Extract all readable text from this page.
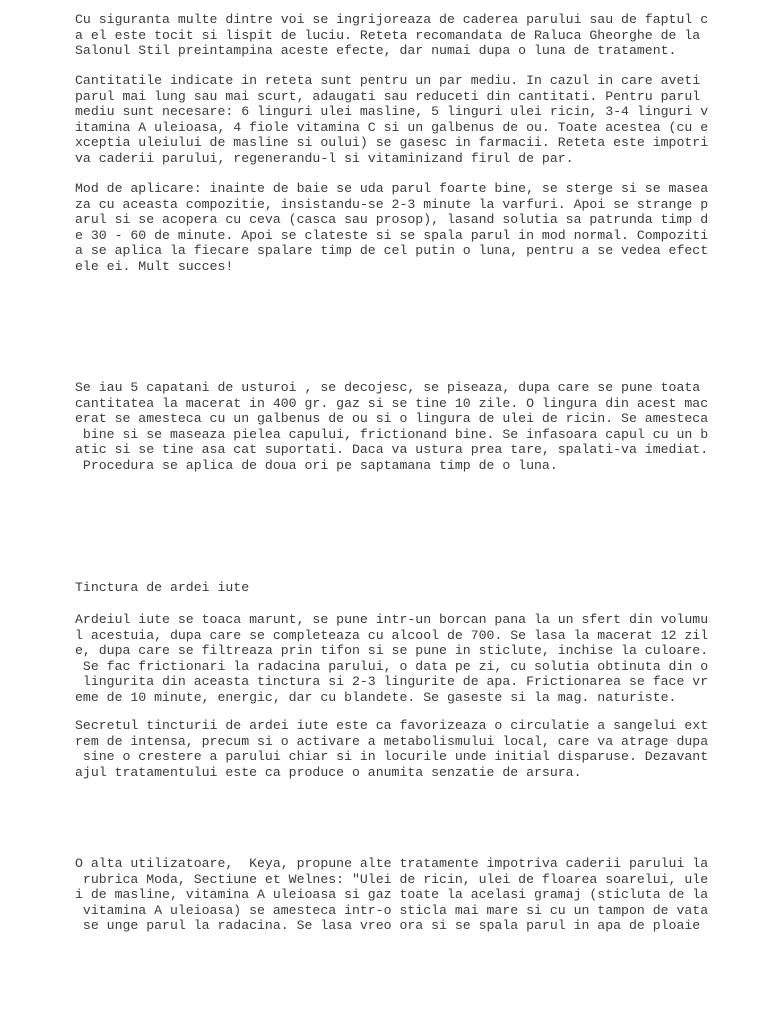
Cu siguranta multe dintre voi se ingrijoreaza de caderea parului sau de faptul c
a el este tocit si lispit de luciu. Reteta recomandata de Raluca Gheorghe de la
Salonul Stil preintampina aceste efecte, dar numai dupa o luna de tratament.
Cantitatile indicate in reteta sunt pentru un par mediu. In cazul in care aveti
parul mai lung sau mai scurt, adaugati sau reduceti din cantitati. Pentru parul
mediu sunt necesare: 6 linguri ulei masline, 5 linguri ulei ricin, 3-4 linguri v
itamina A uleioasa, 4 fiole vitamina C si un galbenus de ou. Toate acestea (cu e
xceptia uleiului de masline si oului) se gasesc in farmacii. Reteta este impotri
va caderii parului, regenerandu-l si vitaminizand firul de par.
Mod de aplicare: inainte de baie se uda parul foarte bine, se sterge si se masea
za cu aceasta compozitie, insistandu-se 2-3 minute la varfuri. Apoi se strange p
arul si se acopera cu ceva (casca sau prosop), lasand solutia sa patrunda timp d
e 30 - 60 de minute. Apoi se clateste si se spala parul in mod normal. Compoziti
a se aplica la fiecare spalare timp de cel putin o luna, pentru a se vedea efect
ele ei. Mult succes!
Se iau 5 capatani de usturoi , se decojesc, se piseaza, dupa care se pune toata
cantitatea la macerat in 400 gr. gaz si se tine 10 zile. O lingura din acest mac
erat se amesteca cu un galbenus de ou si o lingura de ulei de ricin. Se amesteca
bine si se maseaza pielea capului, frictionand bine. Se infasoara capul cu un b
atic si se tine asa cat suportati. Daca va ustura prea tare, spalati-va imediat.
Procedura se aplica de doua ori pe saptamana timp de o luna.
Tinctura de ardei iute
Ardeiul iute se toaca marunt, se pune intr-un borcan pana la un sfert din volumu
l acestuia, dupa care se completeaza cu alcool de 700. Se lasa la macerat 12 zil
e, dupa care se filtreaza prin tifon si se pune in sticlute, inchise la culoare.
Se fac frictionari la radacina parului, o data pe zi, cu solutia obtinuta din o
lingurita din aceasta tinctura si 2-3 lingurite de apa. Frictionarea se face vr
eme de 10 minute, energic, dar cu blandete. Se gaseste si la mag. naturiste.
Secretul tincturii de ardei iute este ca favorizeaza o circulatie a sangelui ext
rem de intensa, precum si o activare a metabolismului local, care va atrage dupa
sine o crestere a parului chiar si in locurile unde initial disparuse. Dezavant
ajul tratamentului este ca produce o anumita senzatie de arsura.
O alta utilizatoare,  Keya, propune alte tratamente impotriva caderii parului la
rubrica Moda, Sectiune et Welnes: "Ulei de ricin, ulei de floarea soarelui, ule
i de masline, vitamina A uleioasa si gaz toate la acelasi gramaj (sticluta de la
vitamina A uleioasa) se amesteca intr-o sticla mai mare si cu un tampon de vata
se unge parul la radacina. Se lasa vreo ora si se spala parul in apa de ploaie
